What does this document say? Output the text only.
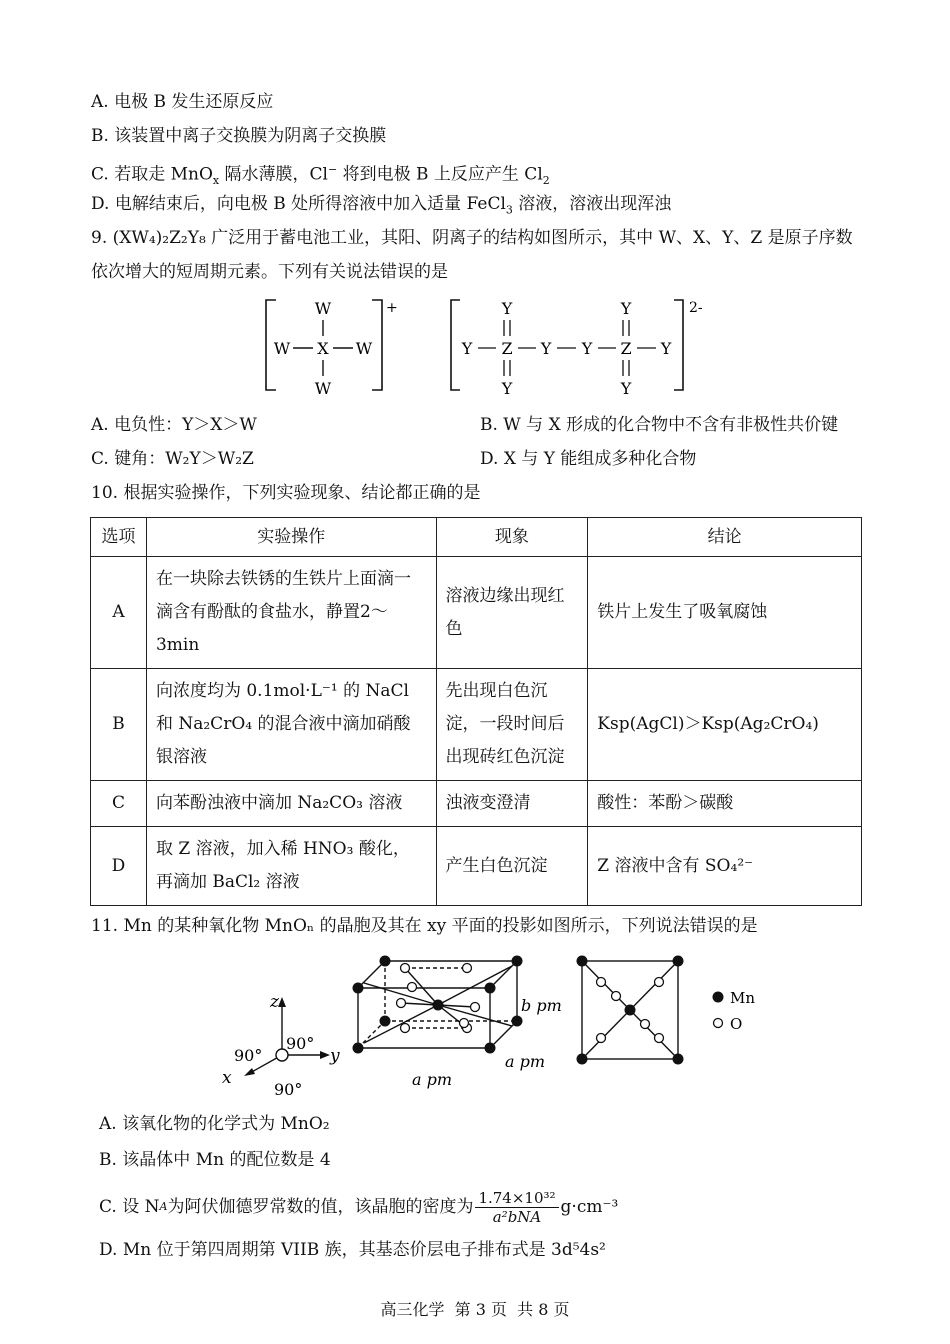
A. 电极 B 发生还原反应
B. 该装置中离子交换膜为阴离子交换膜
C. 若取走 MnO$_x$ 隔水薄膜，Cl− 将到电极 B 上反应产生 $Cl_2$
D. 电解结束后，向电极 B 处所得溶液中加入适量 FeCl$_3$ 溶液，溶液出现浑浊
9. (XW₄)₂Z₂Y₈ 广泛用于蓄电池工业，其阳、阴离子的结构如图所示，其中 W、X、Y、Z 是原子序数
依次增大的短周期元素。下列有关说法错误的是
W
X
W	W
W
+	2-
Y	Y
Y Z Y Y Z Y
Y	Y
A. 电负性：Y＞X＞W	B. W 与 X 形成的化合物中不含有非极性共价键
C. 键角：W₂Y＞W₂Z	D. X 与 Y 能组成多种化合物
10. 根据实验操作，下列实验现象、结论都正确的是
选项	实验操作	现象	结论
A	在一块除去铁锈的生铁片上面滴一滴含有酚酞的食盐水，静置2～3min	溶液边缘出现红色	铁片上发生了吸氧腐蚀
B	向浓度均为 0.1mol·L⁻¹ 的 NaCl 和 Na₂CrO₄ 的混合液中滴加硝酸银溶液	先出现白色沉淀，一段时间后出现砖红色沉淀	Ksp(AgCl)＞Ksp(Ag₂CrO₄)
C	向苯酚浊液中滴加 Na₂CO₃ 溶液	浊液变澄清	酸性：苯酚＞碳酸
D	取 Z 溶液，加入稀 HNO₃ 酸化，再滴加 BaCl₂ 溶液	产生白色沉淀	Z 溶液中含有 SO₄²⁻
11. Mn 的某种氧化物 MnOₙ 的晶胞及其在 xy 平面的投影如图所示，下列说法错误的是
z
y
x
90°
90°
90°
b pm
a pm
a pm
Mn
O
A. 该氧化物的化学式为 MnO₂
B. 该晶体中 Mn 的配位数是 4
C. 设 N A 为阿伏伽德罗常数的值，该晶胞的密度为 1.74×10³²
a²bNA g·cm⁻³
D. Mn 位于第四周期第 VIIB 族，其基态价层电子排布式是 3d⁵4s²
高三化学  第 3 页  共 8 页
